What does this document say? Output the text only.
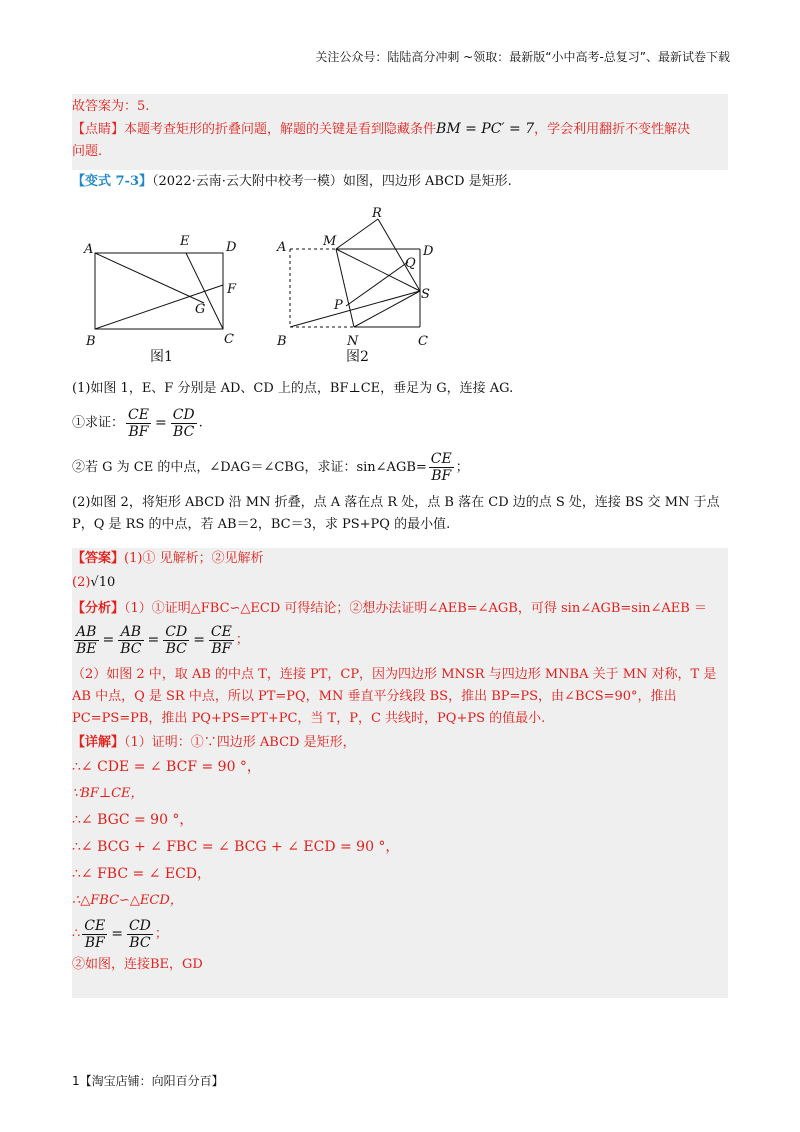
关注公众号：陆陆高分冲刺 ~领取：最新版“小中高考-总复习”、最新试卷下载
故答案为：5.
【点睛】本题考查矩形的折叠问题，解题的关键是看到隐藏条件BM = PC′ = 7，学会利用翻折不变性解决
问题.
【变式 7-3】（2022·云南·云大附中校考一模）如图，四边形 ABCD 是矩形.
A
E	D
F
G
B	C
图1
R
A	M
D
Q
S
P
B	N	C
图2
(1)如图 1，E、F 分别是 AD、CD 上的点，BF⊥CE，垂足为 G，连接 AG.
①求证： $\frac{CE}{BF} = \frac{CD}{BC}$ .
②若 G 为 CE 的中点，∠DAG＝∠CBG，求证：sin∠AGB= $\frac{CE}{BF}$ ；
(2)如图 2，将矩形 ABCD 沿 MN 折叠，点 A 落在点 R 处，点 B 落在 CD 边的点 S 处，连接 BS 交 MN 于点
P，Q 是 RS 的中点，若 AB＝2，BC＝3，求 PS+PQ 的最小值.
【答案】(1)① 见解析；②见解析
(2)√10
【分析】（1）①证明△FBC∽△ECD 可得结论；②想办法证明∠AEB=∠AGB，可得 sin∠AGB=sin∠AEB ＝
$\frac{AB}{BE} = \frac{AB}{BC} = \frac{CD}{BC} = \frac{CE}{BF}$ ；
（2）如图 2 中，取 AB 的中点 T，连接 PT，CP，因为四边形 MNSR 与四边形 MNBA 关于 MN 对称，T 是
AB 中点，Q 是 SR 中点，所以 PT=PQ，MN 垂直平分线段 BS，推出 BP=PS，由∠BCS=90°，推出
PC=PS=PB，推出 PQ+PS=PT+PC，当 T，P，C 共线时，PQ+PS 的值最小.
【详解】（1）证明：①∵四边形 ABCD 是矩形，
∴∠ CDE = ∠ BCF = 90 °，
∵BF⊥CE，
∴∠ BGC = 90 °，
∴∠ BCG + ∠ FBC = ∠ BCG + ∠ ECD = 90 °，
∴∠ FBC = ∠ ECD，
∴△FBC∽△ECD，
∴ $\frac{CE}{BF} = \frac{CD}{BC}$ ；
②如图，连接BE，GD
1【淘宝店铺：向阳百分百】
